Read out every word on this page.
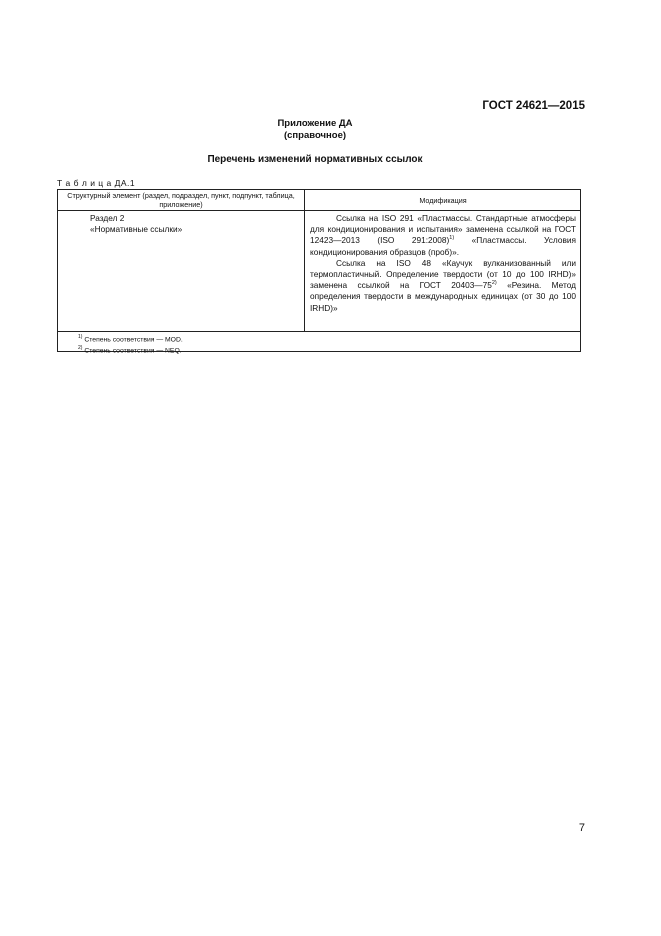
ГОСТ 24621—2015
Приложение ДА
(справочное)
Перечень изменений нормативных ссылок
Т а б л и ц а ДА.1
Структурный элемент (раздел, подраздел, пункт, подпункт, таблица, приложение)	Модификация
Раздел 2
«Нормативные ссылки»

Ссылка на ISO 291 «Пластмассы. Стандартные атмосферы для кондиционирования и испытания» заменена ссылкой на ГОСТ 12423—2013 (ISO 291:2008)$^{1)}$ «Пластмассы. Условия кондиционирования образцов (проб)».

Ссылка на ISO 48 «Каучук вулканизованный или термопластичный. Определение твердости (от 10 до 100 IRHD)» заменена ссылкой на ГОСТ 20403—75$^{2)}$ «Резина. Метод определения твердости в международных единицах (от 30 до 100 IRHD)»

$^{1)}$ Степень соответствия — MOD.
$^{2)}$ Степень соответствия — NEQ.
7
